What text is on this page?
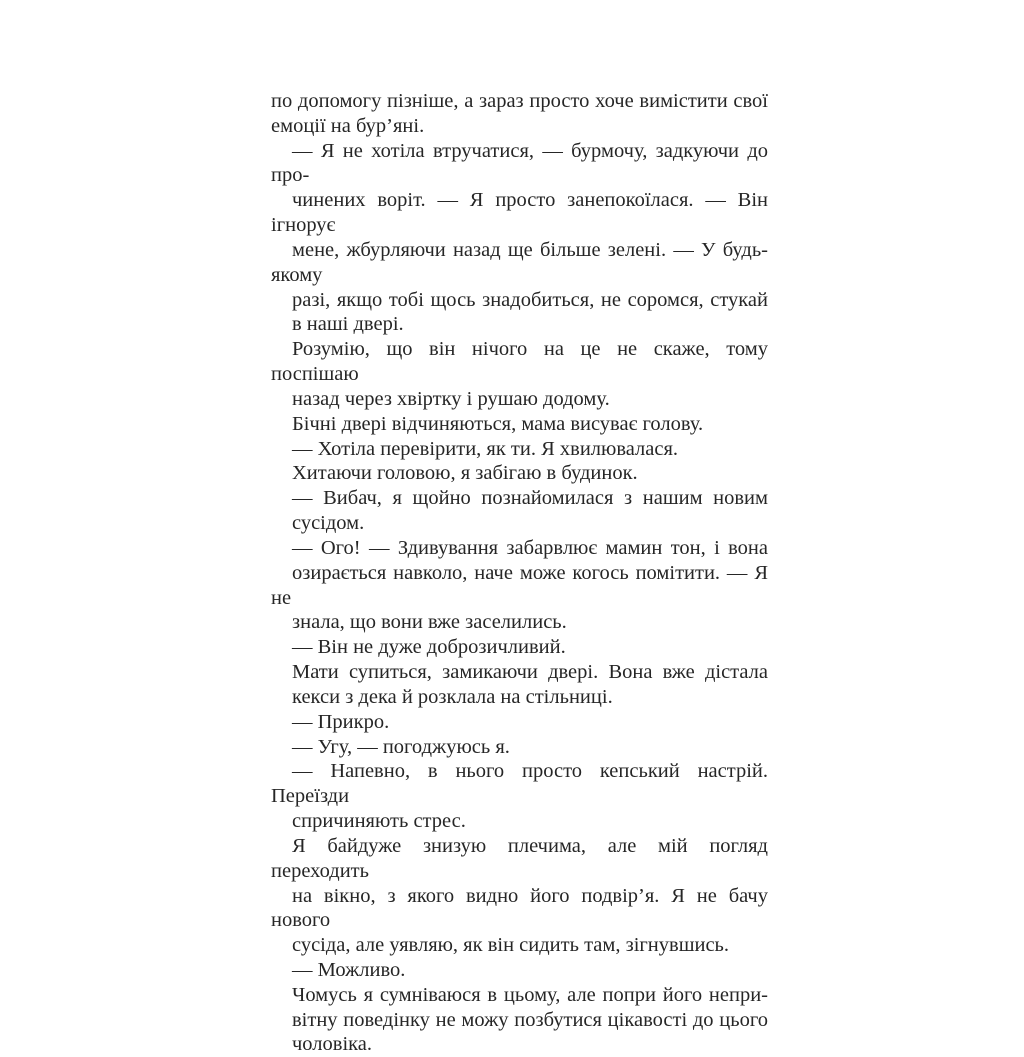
по допомогу пізніше, а зараз просто хоче вимістити свої
емоції на бур’яні.

— Я не хотіла втручатися, — бурмочу, задкуючи до про-
чинених воріт. — Я просто занепокоїлася. — Він ігнорує
мене, жбурляючи назад ще більше зелені. — У будь-якому
разі, якщо тобі щось знадобиться, не соромся, стукай
в наші двері.

Розумію, що він нічого на це не скаже, тому поспішаю
назад через хвіртку і рушаю додому.

Бічні двері відчиняються, мама висуває голову.

— Хотіла перевірити, як ти. Я хвилювалася.

Хитаючи головою, я забігаю в будинок.

— Вибач, я щойно познайомилася з нашим новим
сусідом.

— Ого! — Здивування забарвлює мамин тон, і вона
озирається навколо, наче може когось помітити. — Я не
знала, що вони вже заселились.

— Він не дуже доброзичливий.

Мати супиться, замикаючи двері. Вона вже дістала
кекси з дека й розклала на стільниці.

— Прикро.

— Угу, — погоджуюсь я.

— Напевно, в нього просто кепський настрій. Переїзди
спричиняють стрес.

Я байдуже знизую плечима, але мій погляд переходить
на вікно, з якого видно його подвір’я. Я не бачу нового
сусіда, але уявляю, як він сидить там, зігнувшись.

— Можливо.

Чомусь я сумніваюся в цьому, але попри його непри-
вітну поведінку не можу позбутися цікавості до цього
чоловіка.
